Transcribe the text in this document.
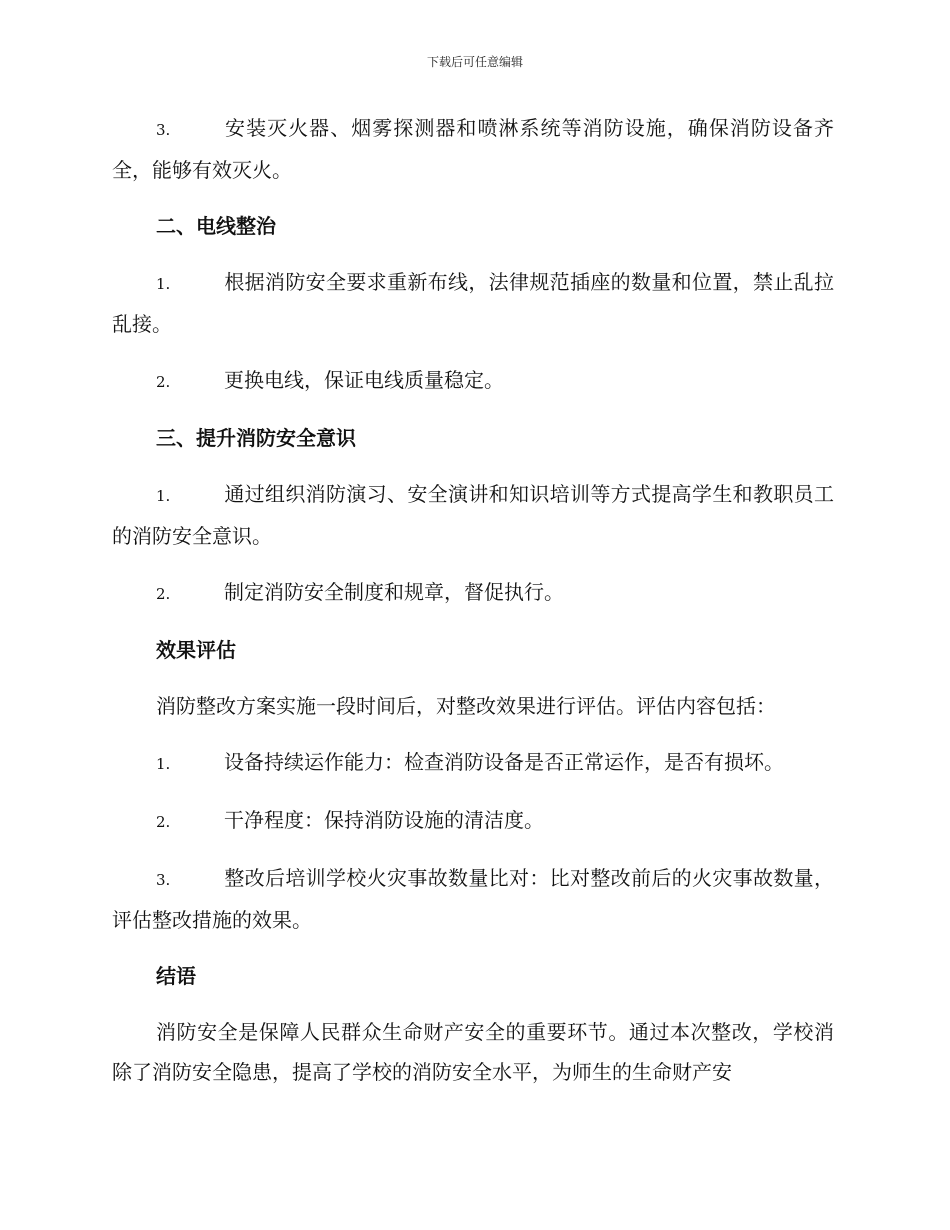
下载后可任意编辑

3.	安装灭火器、烟雾探测器和喷淋系统等消防设施，确保消防设备齐全，能够有效灭火。

二、电线整治

1.	根据消防安全要求重新布线，法律规范插座的数量和位置，禁止乱拉乱接。

2.	更换电线，保证电线质量稳定。

三、提升消防安全意识

1.	通过组织消防演习、安全演讲和知识培训等方式提高学生和教职员工的消防安全意识。

2.	制定消防安全制度和规章，督促执行。

效果评估

消防整改方案实施一段时间后，对整改效果进行评估。评估内容包括：

1.	设备持续运作能力：检查消防设备是否正常运作，是否有损坏。

2.	干净程度：保持消防设施的清洁度。

3.	整改后培训学校火灾事故数量比对：比对整改前后的火灾事故数量，评估整改措施的效果。

结语

消防安全是保障人民群众生命财产安全的重要环节。通过本次整改，学校消除了消防安全隐患，提高了学校的消防安全水平，为师生的生命财产安
